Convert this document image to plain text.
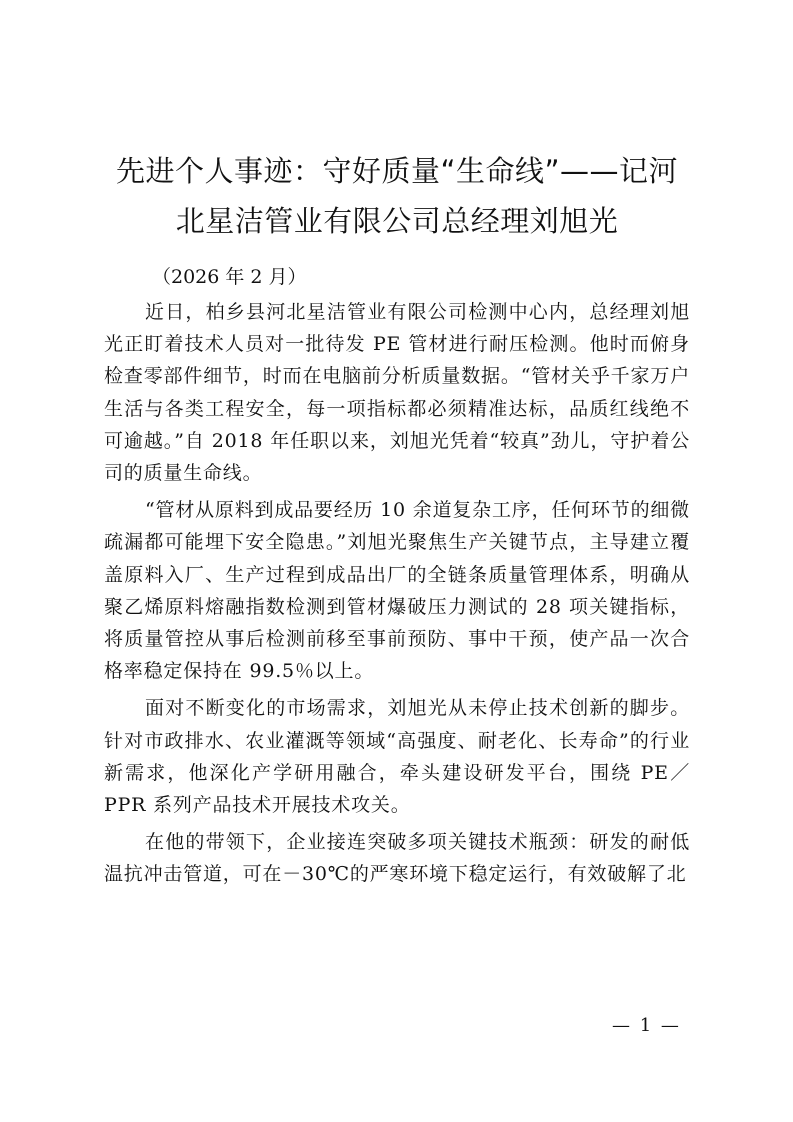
先进个人事迹：守好质量“生命线”——记河
北星洁管业有限公司总经理刘旭光

（2026 年 2 月）

近日，柏乡县河北星洁管业有限公司检测中心内，总经理刘旭光正盯着技术人员对一批待发 PE 管材进行耐压检测。他时而俯身检查零部件细节，时而在电脑前分析质量数据。“管材关乎千家万户生活与各类工程安全，每一项指标都必须精准达标，品质红线绝不可逾越。”自 2018 年任职以来，刘旭光凭着“较真”劲儿，守护着公司的质量生命线。

“管材从原料到成品要经历 10 余道复杂工序，任何环节的细微疏漏都可能埋下安全隐患。”刘旭光聚焦生产关键节点，主导建立覆盖原料入厂、生产过程到成品出厂的全链条质量管理体系，明确从聚乙烯原料熔融指数检测到管材爆破压力测试的 28 项关键指标，将质量管控从事后检测前移至事前预防、事中干预，使产品一次合格率稳定保持在 99.5％以上。

面对不断变化的市场需求，刘旭光从未停止技术创新的脚步。针对市政排水、农业灌溉等领域“高强度、耐老化、长寿命”的行业新需求，他深化产学研用融合，牵头建设研发平台，围绕 PE／PPR 系列产品技术开展技术攻关。

在他的带领下，企业接连突破多项关键技术瓶颈：研发的耐低温抗冲击管道，可在－30℃的严寒环境下稳定运行，有效破解了北

— 1 —
